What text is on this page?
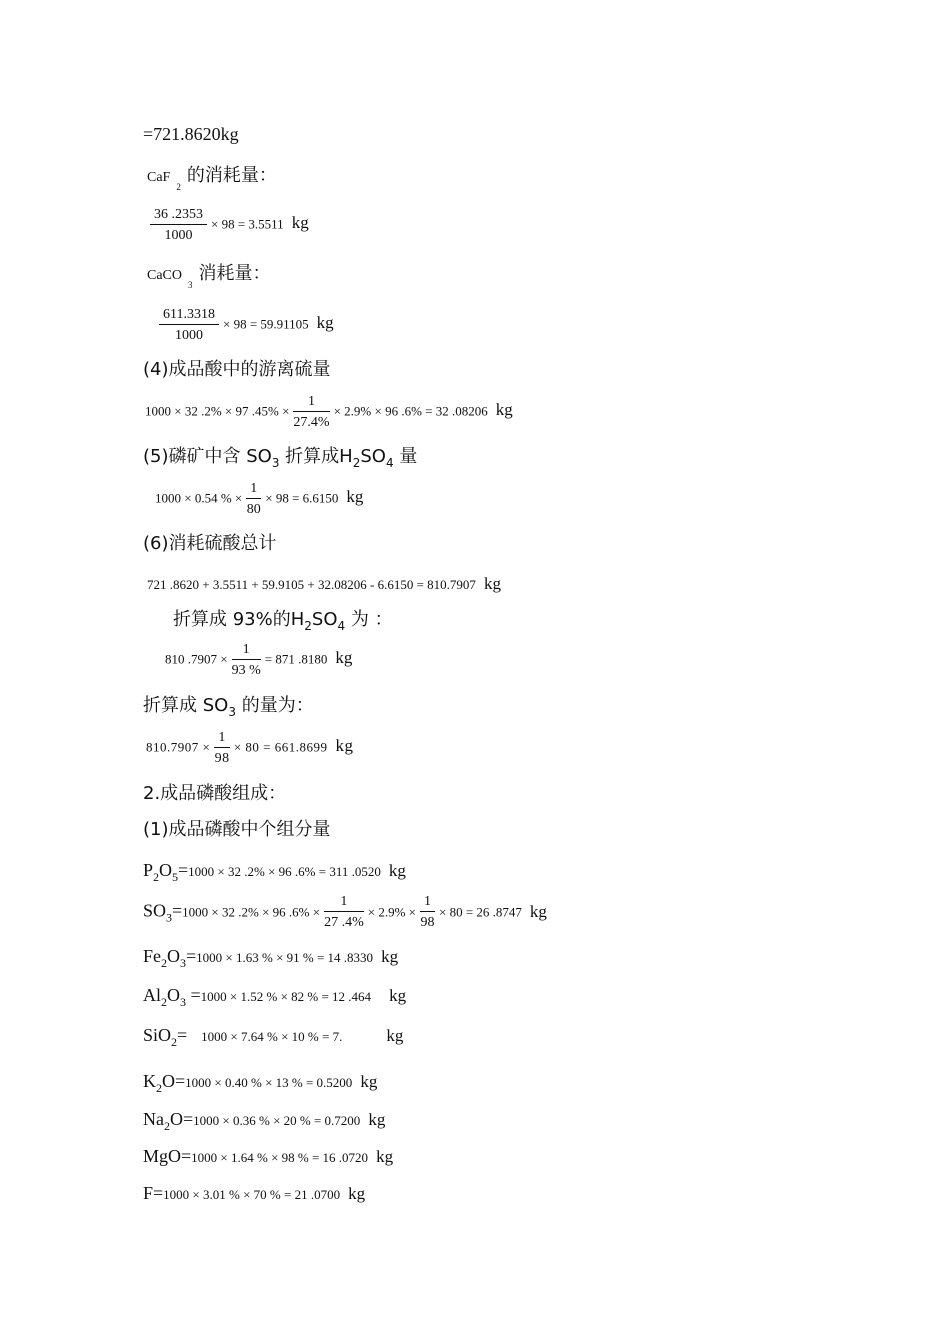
=721.8620kg
CaF$_2$的消耗量：
$\frac{36 .2353}{1000} \times 98 = 3.5511$ kg
CaCO$_3$消耗量：
$\frac{611.3318}{1000} \times 98 = 59.91105$ kg
(4)成品酸中的游离硫量
1000 × 32 .2% × 97 $.45\% \times \frac{1}{27.4\%} \times 2.9\% \times 96$ .6% = 32 .08206 kg
(5)磷矿中含 $SO_3$ 折算成$H_2SO_4$ 量
1000 × 0.54 % × $\frac{1}{80} \times 98 = 6.6150$ kg
(6)消耗硫酸总计
721 .8620 + 3.5511 + 59.9105 + 32.08206 - 6.6150 = 810.7907 kg
折算成 93%的$H_2SO_4$ 为 ：
810 $.7907 \times \frac{1}{93 \%} = 871$ .8180 kg
折算成 $SO_3$ 的量为：
$810.7907 \times \frac{1}{98} \times 80 = 661.8699$ kg
2.成品磷酸组成：
(1)成品磷酸中个组分量
$P_2O_5=1000 \times 32$ .2% × 96 .6% = 311 .0520 kg
$SO_3=1000 \times 32$ .2% × 96 $.6\% \times \frac{1}{27 .4\%} \times 2.9\% \times \frac{1}{98} \times 80 = 26$ .8747 kg
$Fe_2O_3=1000 \times 1.63$ % × 91 % = 14 .8330 kg
$Al_2O_3 =1000 \times 1.52$ % × 82 % = 12 .464 kg
SiO$_2$= 1000 × 7.64 % × 10 % = 7.	kg
$K_2O=1000 \times 0.40$ % × 13 % = 0.5200 kg
$Na_2O=1000 \times 0.36$ % × 20 % = 0.7200 kg
MgO=1000 × 1.64 % × 98 % = 16 .0720 kg
F=1000 × 3.01 % × 70 % = 21 .0700 kg
